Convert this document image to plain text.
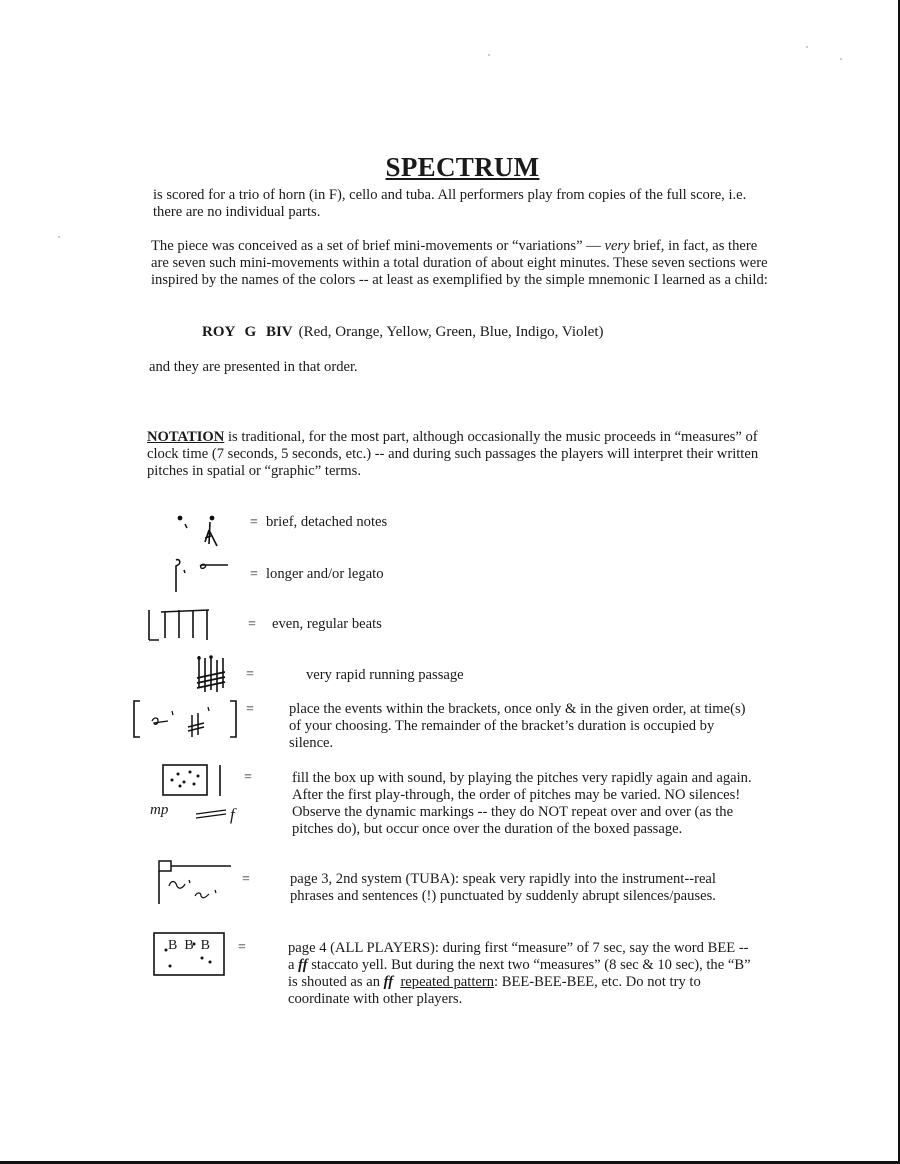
SPECTRUM

is scored for a trio of horn (in F), cello and tuba. All performers play from copies of the full score, i.e. there are no individual parts.

The piece was conceived as a set of brief mini-movements or “variations” — very brief, in fact, as there are seven such mini-movements within a total duration of about eight minutes. These seven sections were inspired by the names of the colors -- at least as exemplified by the simple mnemonic I learned as a child:

ROY G BIV (Red, Orange, Yellow, Green, Blue, Indigo, Violet)

and they are presented in that order.

NOTATION is traditional, for the most part, although occasionally the music proceeds in “measures” of clock time (7 seconds, 5 seconds, etc.) -- and during such passages the players will interpret their written pitches in spatial or “graphic” terms.

= brief, detached notes
= longer and/or legato
= even, regular beats
=	very rapid running passage
= place the events within the brackets, once only & in the given order, at time(s) of your choosing. The remainder of the bracket’s duration is occupied by silence.

mp	f
=	fill the box up with sound, by playing the pitches very rapidly again and again. After the first play-through, the order of pitches may be varied. NO silences! Observe the dynamic markings -- they do NOT repeat over and over (as the pitches do), but occur once over the duration of the boxed passage.

=	page 3, 2nd system (TUBA): speak very rapidly into the instrument--real phrases and sentences (!) punctuated by suddenly abrupt silences/pauses.

B  B  B =	page 4 (ALL PLAYERS): during first “measure” of 7 sec, say the word BEE -- a ff staccato yell. But during the next two “measures” (8 sec & 10 sec), the “B” is shouted as an ff repeated pattern: BEE-BEE-BEE, etc. Do not try to coordinate with other players.
